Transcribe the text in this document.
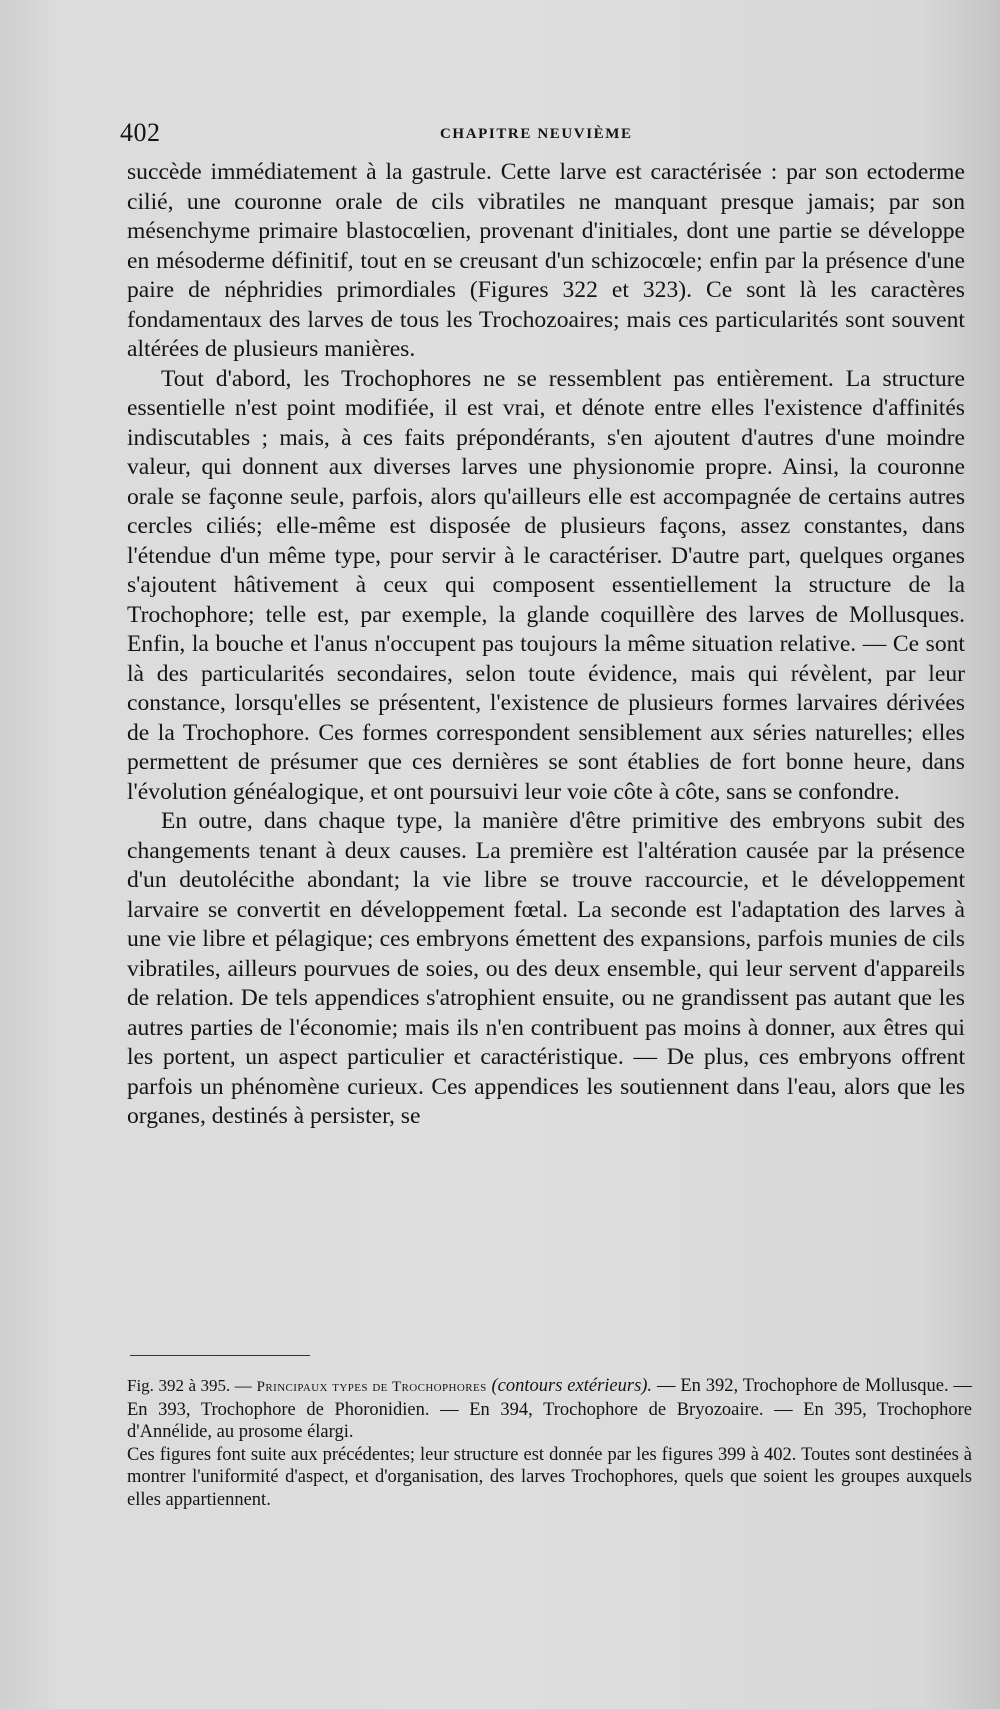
402	CHAPITRE NEUVIÈME

succède immédiatement à la gastrule. Cette larve est caractérisée : par son ectoderme cilié, une couronne orale de cils vibratiles ne manquant presque jamais; par son mésenchyme primaire blastocœlien, provenant d'initiales, dont une partie se développe en mésoderme définitif, tout en se creusant d'un schizocœle; enfin par la présence d'une paire de néphridies primordiales (Figures 322 et 323). Ce sont là les caractères fondamentaux des larves de tous les Trochozoaires; mais ces particularités sont souvent altérées de plusieurs manières.

Tout d'abord, les Trochophores ne se ressemblent pas entièrement. La structure essentielle n'est point modifiée, il est vrai, et dénote entre elles l'existence d'affinités indiscutables ; mais, à ces faits prépondérants, s'en ajoutent d'autres d'une moindre valeur, qui donnent aux diverses larves une physionomie propre. Ainsi, la couronne orale se façonne seule, parfois, alors qu'ailleurs elle est accompagnée de certains autres cercles ciliés; elle-même est disposée de plusieurs façons, assez constantes, dans l'étendue d'un même type, pour servir à le caractériser. D'autre part, quelques organes s'ajoutent hâtivement à ceux qui composent essentiellement la structure de la Trochophore; telle est, par exemple, la glande coquillère des larves de Mollusques. Enfin, la bouche et l'anus n'occupent pas toujours la même situation relative. — Ce sont là des particularités secondaires, selon toute évidence, mais qui révèlent, par leur constance, lorsqu'elles se présentent, l'existence de plusieurs formes larvaires dérivées de la Trochophore. Ces formes correspondent sensiblement aux séries naturelles; elles permettent de présumer que ces dernières se sont établies de fort bonne heure, dans l'évolution généalogique, et ont poursuivi leur voie côte à côte, sans se confondre.

En outre, dans chaque type, la manière d'être primitive des embryons subit des changements tenant à deux causes. La première est l'altération causée par la présence d'un deutolécithe abondant; la vie libre se trouve raccourcie, et le développement larvaire se convertit en développement fœtal. La seconde est l'adaptation des larves à une vie libre et pélagique; ces embryons émettent des expansions, parfois munies de cils vibratiles, ailleurs pourvues de soies, ou des deux ensemble, qui leur servent d'appareils de relation. De tels appendices s'atrophient ensuite, ou ne grandissent pas autant que les autres parties de l'économie; mais ils n'en contribuent pas moins à donner, aux êtres qui les portent, un aspect particulier et caractéristique. — De plus, ces embryons offrent parfois un phénomène curieux. Ces appendices les soutiennent dans l'eau, alors que les organes, destinés à persister, se

Fig. 392 à 395. — Principaux types de Trochophores (contours extérieurs). — En 392, Trochophore de Mollusque. — En 393, Trochophore de Phoronidien. — En 394, Trochophore de Bryozoaire. — En 395, Trochophore d'Annélide, au prosome élargi.

Ces figures font suite aux précédentes; leur structure est donnée par les figures 399 à 402. Toutes sont destinées à montrer l'uniformité d'aspect, et d'organisation, des larves Trochophores, quels que soient les groupes auxquels elles appartiennent.
